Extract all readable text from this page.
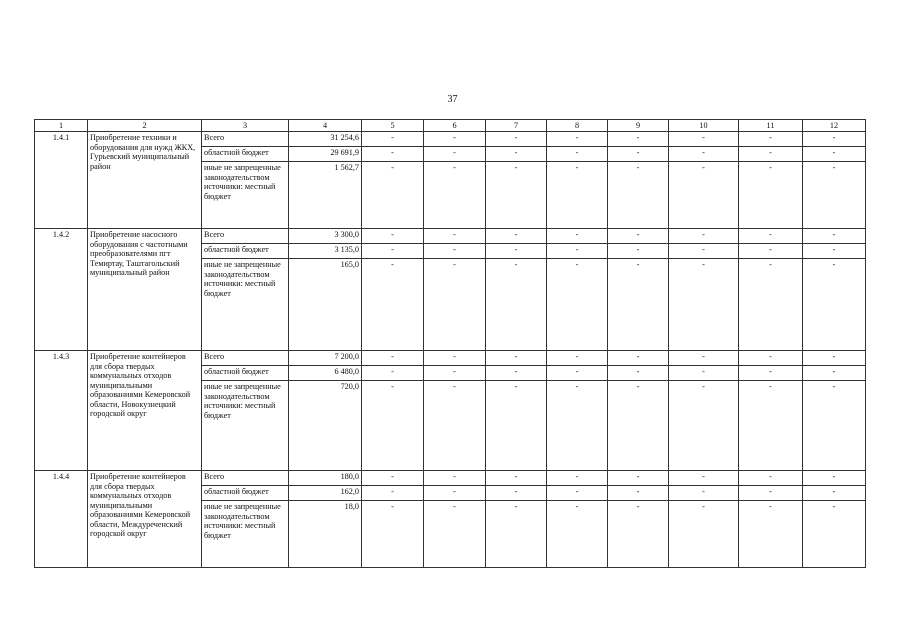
37
1	2	3	4	5	6	7	8	9	10	11	12
1.4.1	Приобретение техники и оборудования для нужд ЖКХ, Гурьевский муниципальный район	Всего	31 254,6	-	-	-	-	-	-	-	-
		областной бюджет	29 691,9	-	-	-	-	-	-	-	-
		иные не запрещенные законодательством источники: местный бюджет	1 562,7	-	-	-	-	-	-	-	-
1.4.2	Приобретение насосного оборудования с частотными преобразователями пгт Темиртау, Таштагольский муниципальный район	Всего	3 300,0	-	-	-	-	-	-	-	-
		областной бюджет	3 135,0	-	-	-	-	-	-	-	-
		иные не запрещенные законодательством источники: местный бюджет	165,0	-	-	-	-	-	-	-	-
1.4.3	Приобретение контейнеров для сбора твердых коммунальных отходов муниципальными образованиями Кемеровской области, Новокузнецкий городской округ	Всего	7 200,0	-	-	-	-	-	-	-	-
		областной бюджет	6 480,0	-	-	-	-	-	-	-	-
		иные не запрещенные законодательством источники: местный бюджет	720,0	-	-	-	-	-	-	-	-
1.4.4	Приобретение контейнеров для сбора твердых коммунальных отходов муниципальными образованиями Кемеровской области, Междуреченский городской округ	Всего	180,0	-	-	-	-	-	-	-	-
		областной бюджет	162,0	-	-	-	-	-	-	-	-
		иные не запрещенные законодательством источники: местный бюджет	18,0	-	-	-	-	-	-	-	-
